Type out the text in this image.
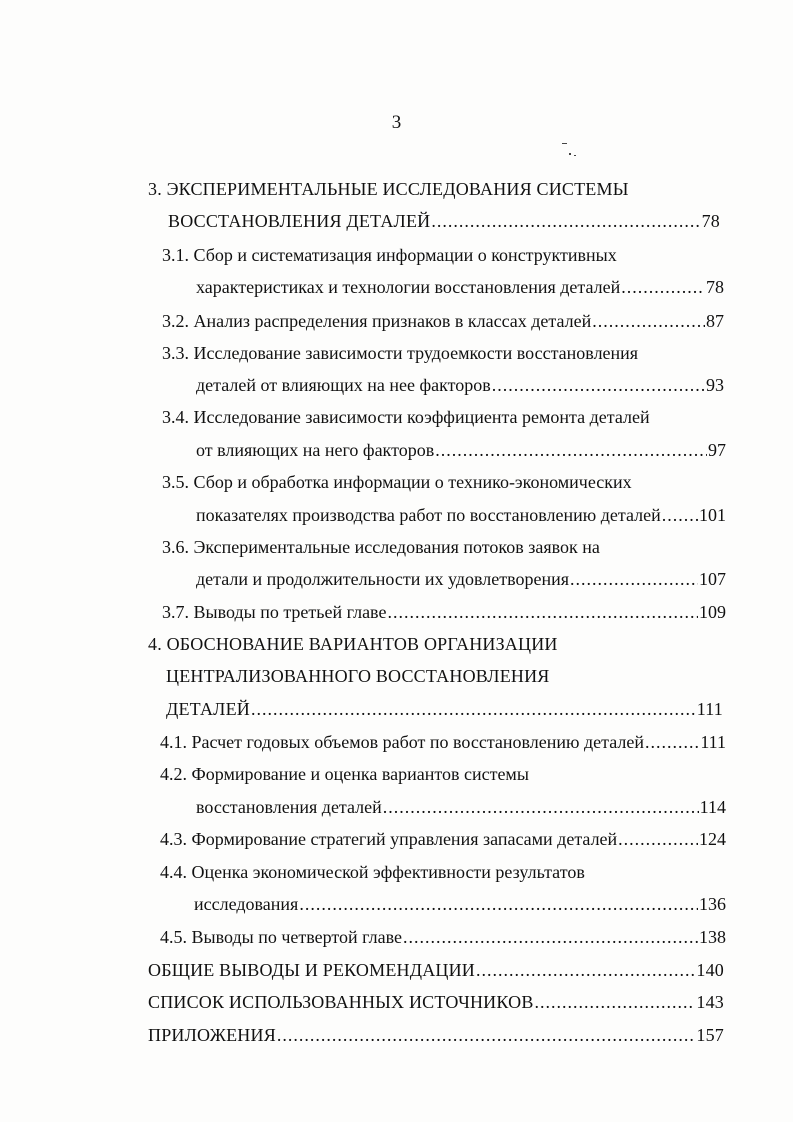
3
3. ЭКСПЕРИМЕНТАЛЬНЫЕ ИССЛЕДОВАНИЯ СИСТЕМЫ
ВОССТАНОВЛЕНИЯ ДЕТАЛЕЙ .....	78
3.1. Сбор и систематизация информации о конструктивных
характеристиках и технологии восстановления деталей .....	78
3.2. Анализ распределения признаков в классах деталей .....	87
3.3. Исследование зависимости трудоемкости восстановления
деталей от влияющих на нее факторов .....	93
3.4. Исследование зависимости коэффициента ремонта деталей
от влияющих на него факторов .....	97
3.5. Сбор и обработка информации о технико-экономических
показателях производства работ по восстановлению деталей ..... 101
3.6. Экспериментальные исследования потоков заявок на
детали и продолжительности их удовлетворения .....	107
3.7. Выводы по третьей главе .....	109
4. ОБОСНОВАНИЕ ВАРИАНТОВ ОРГАНИЗАЦИИ
ЦЕНТРАЛИЗОВАННОГО ВОССТАНОВЛЕНИЯ
ДЕТАЛЕЙ .....	111
4.1. Расчет годовых объемов работ по восстановлению деталей .....	111
4.2. Формирование и оценка вариантов системы
восстановления деталей .....	114
4.3. Формирование стратегий управления запасами деталей .....	124
4.4. Оценка экономической эффективности результатов
исследования .....	136
4.5. Выводы по четвертой главе .....	138
ОБЩИЕ ВЫВОДЫ И РЕКОМЕНДАЦИИ .....	140
СПИСОК ИСПОЛЬЗОВАННЫХ ИСТОЧНИКОВ .....	143
ПРИЛОЖЕНИЯ .....	157
